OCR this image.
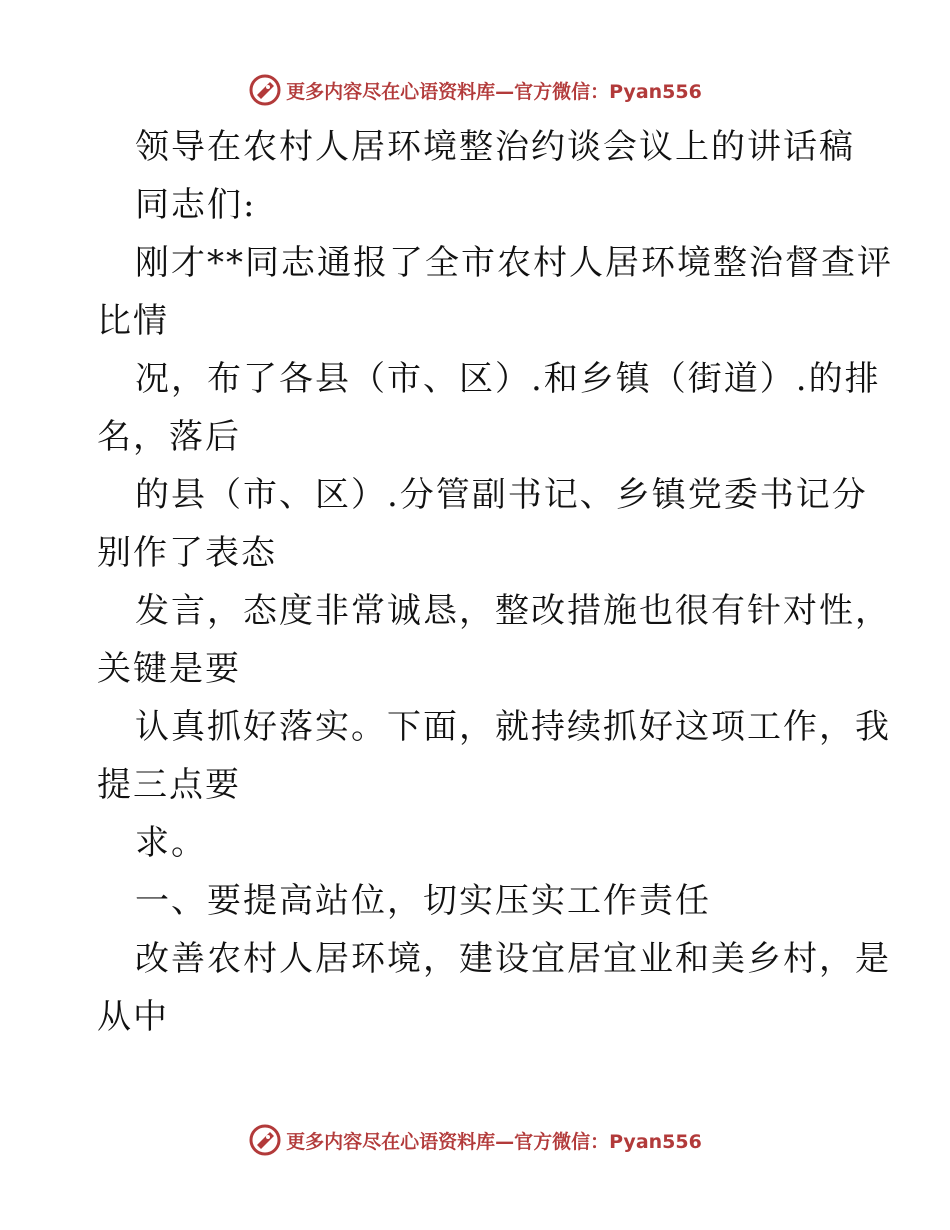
更多内容尽在心语资料库—官方微信：Pyan556
领导在农村人居环境整治约谈会议上的讲话稿
同志们:
刚才**同志通报了全市农村人居环境整治督查评
比情
况，布了各县（市、区）.和乡镇（街道）.的排
名，落后
的县（市、区）.分管副书记、乡镇党委书记分
别作了表态
发言，态度非常诚恳，整改措施也很有针对性，
关键是要
认真抓好落实。下面，就持续抓好这项工作，我
提三点要
求。
一、要提高站位，切实压实工作责任
改善农村人居环境，建设宜居宜业和美乡村，是
从中
更多内容尽在心语资料库—官方微信：Pyan556
